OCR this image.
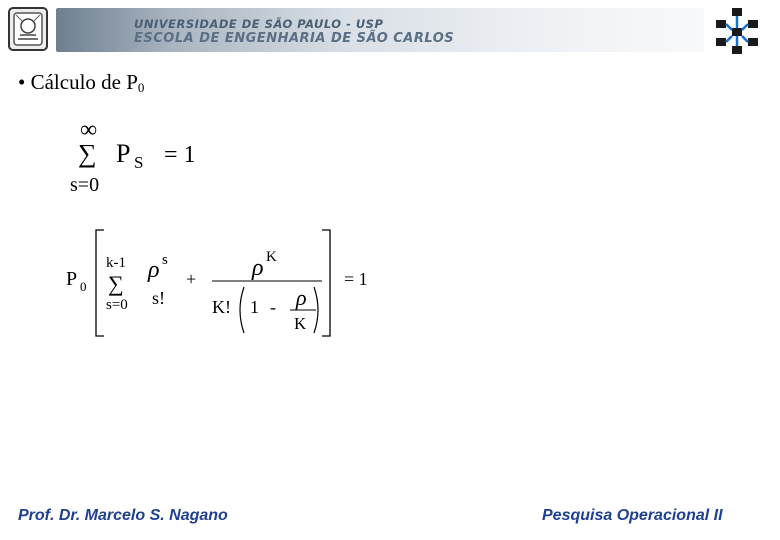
UNIVERSIDADE DE SÃO PAULO - USP
ESCOLA DE ENGENHARIA DE SÃO CARLOS
• Cálculo de $P_0$
∞
∑ P S = 1
s=0
P 0
k-1
∑
s=0
ρ s
s!
+ ρ K
K! 1 - ρ
K
= 1
Prof. Dr. Marcelo S. Nagano	Pesquisa Operacional II
